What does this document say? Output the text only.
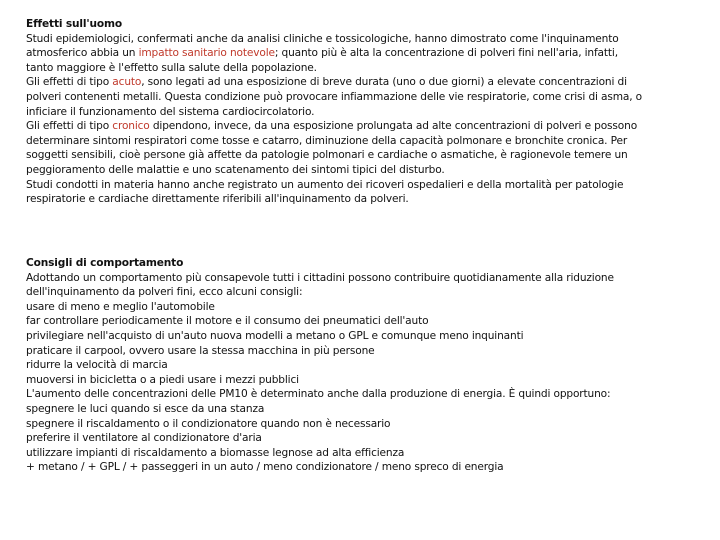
Effetti sull'uomo
Studi epidemiologici, confermati anche da analisi cliniche e tossicologiche, hanno dimostrato come l'inquinamento
atmosferico abbia un impatto sanitario notevole; quanto più è alta la concentrazione di polveri fini nell'aria, infatti,
tanto maggiore è l'effetto sulla salute della popolazione.
Gli effetti di tipo acuto, sono legati ad una esposizione di breve durata (uno o due giorni) a elevate concentrazioni di
polveri contenenti metalli. Questa condizione può provocare infiammazione delle vie respiratorie, come crisi di asma, o
inficiare il funzionamento del sistema cardiocircolatorio.
Gli effetti di tipo cronico dipendono, invece, da una esposizione prolungata ad alte concentrazioni di polveri e possono
determinare sintomi respiratori come tosse e catarro, diminuzione della capacità polmonare e bronchite cronica. Per
soggetti sensibili, cioè persone già affette da patologie polmonari e cardiache o asmatiche, è ragionevole temere un
peggioramento delle malattie e uno scatenamento dei sintomi tipici del disturbo.
Studi condotti in materia hanno anche registrato un aumento dei ricoveri ospedalieri e della mortalità per patologie
respiratorie e cardiache direttamente riferibili all'inquinamento da polveri.
Consigli di comportamento
Adottando un comportamento più consapevole tutti i cittadini possono contribuire quotidianamente alla riduzione
dell'inquinamento da polveri fini, ecco alcuni consigli:
usare di meno e meglio l'automobile
far controllare periodicamente il motore e il consumo dei pneumatici dell'auto
privilegiare nell'acquisto di un'auto nuova modelli a metano o GPL e comunque meno inquinanti
praticare il carpool, ovvero usare la stessa macchina in più persone
ridurre la velocità di marcia
muoversi in bicicletta o a piedi usare i mezzi pubblici
L'aumento delle concentrazioni delle PM10 è determinato anche dalla produzione di energia. È quindi opportuno:
spegnere le luci quando si esce da una stanza
spegnere il riscaldamento o il condizionatore quando non è necessario
preferire il ventilatore al condizionatore d'aria
utilizzare impianti di riscaldamento a biomasse legnose ad alta efficienza
+ metano / + GPL / + passeggeri in un auto / meno condizionatore / meno spreco di energia
